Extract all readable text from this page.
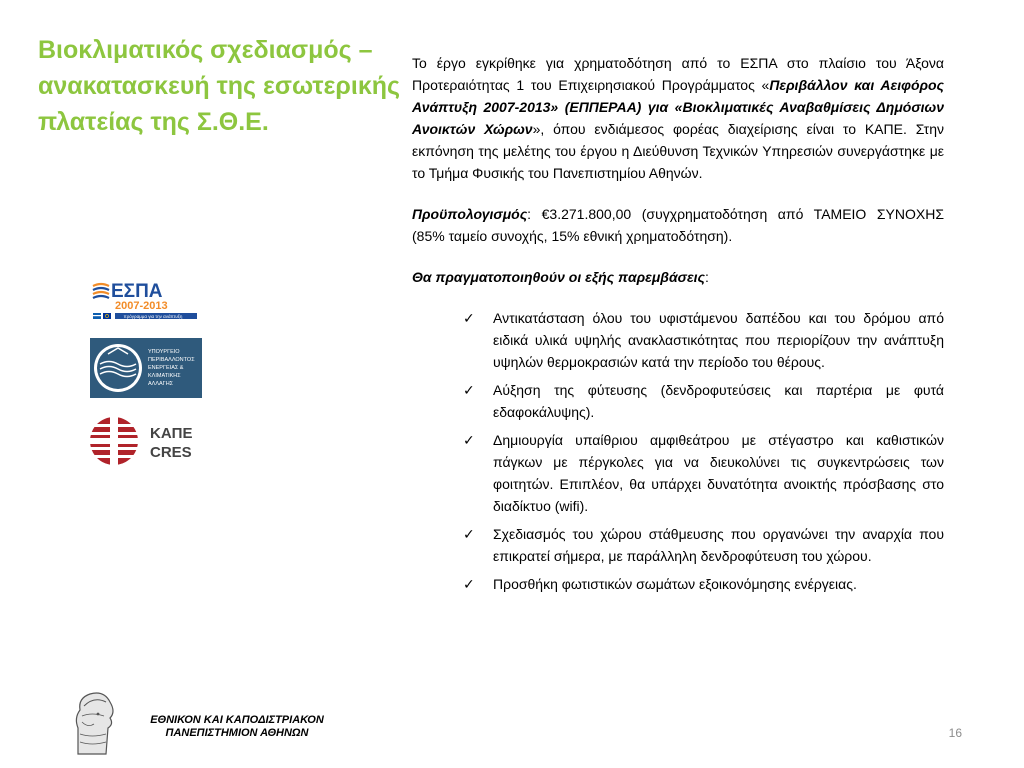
Βιοκλιματικός σχεδιασμός – ανακατασκευή της εσωτερικής πλατείας της Σ.Θ.Ε.

Το έργο εγκρίθηκε για χρηματοδότηση από το ΕΣΠΑ στο πλαίσιο του Άξονα Προτεραιότητας 1 του Επιχειρησιακού Προγράμματος «Περιβάλλον και Αειφόρος Ανάπτυξη 2007-2013» (ΕΠΠΕΡΑΑ) για «Βιοκλιματικές Αναβαθμίσεις Δημόσιων Ανοικτών Χώρων», όπου ενδιάμεσος φορέας διαχείρισης είναι το ΚΑΠΕ. Στην εκπόνηση της μελέτης του έργου η Διεύθυνση Τεχνικών Υπηρεσιών συνεργάστηκε με το Τμήμα Φυσικής του Πανεπιστημίου Αθηνών.

Προϋπολογισμός: €3.271.800,00 (συγχρηματοδότηση από ΤΑΜΕΙΟ ΣΥΝΟΧΗΣ (85% ταμείο συνοχής, 15% εθνική χρηματοδότηση).

Θα πραγματοποιηθούν οι εξής παρεμβάσεις:

✓ Αντικατάσταση όλου του υφιστάμενου δαπέδου και του δρόμου από ειδικά υλικά υψηλής ανακλαστικότητας που περιορίζουν την ανάπτυξη υψηλών θερμοκρασιών κατά την περίοδο του θέρους.
✓ Αύξηση της φύτευσης (δενδροφυτεύσεις και παρτέρια με φυτά εδαφοκάλυψης).
✓ Δημιουργία υπαίθριου αμφιθεάτρου με στέγαστρο και καθιστικών πάγκων με πέργκολες για να διευκολύνει τις συγκεντρώσεις των φοιτητών. Επιπλέον, θα υπάρχει δυνατότητα ανοικτής πρόσβασης στο διαδίκτυο (wifi).
✓ Σχεδιασμός του χώρου στάθμευσης που οργανώνει την αναρχία που επικρατεί σήμερα, με παράλληλη δενδροφύτευση του χώρου.
✓ Προσθήκη φωτιστικών σωμάτων εξοικονόμησης ενέργειας.
ΕΣΠΑ
2007-2013
πρόγραμμα για την ανάπτυξη
ΥΠΟΥΡΓΕΙΟ
ΠΕΡΙΒΑΛΛΟΝΤΟΣ
ΕΝΕΡΓΕΙΑΣ &
ΚΛΙΜΑΤΙΚΗΣ
ΑΛΛΑΓΗΣ
ΚΑΠΕ
CRES
ΕΘΝΙΚΟΝ ΚΑΙ ΚΑΠΟΔΙΣΤΡΙΑΚΟΝ
ΠΑΝΕΠΙΣΤΗΜΙΟΝ ΑΘΗΝΩΝ	16
